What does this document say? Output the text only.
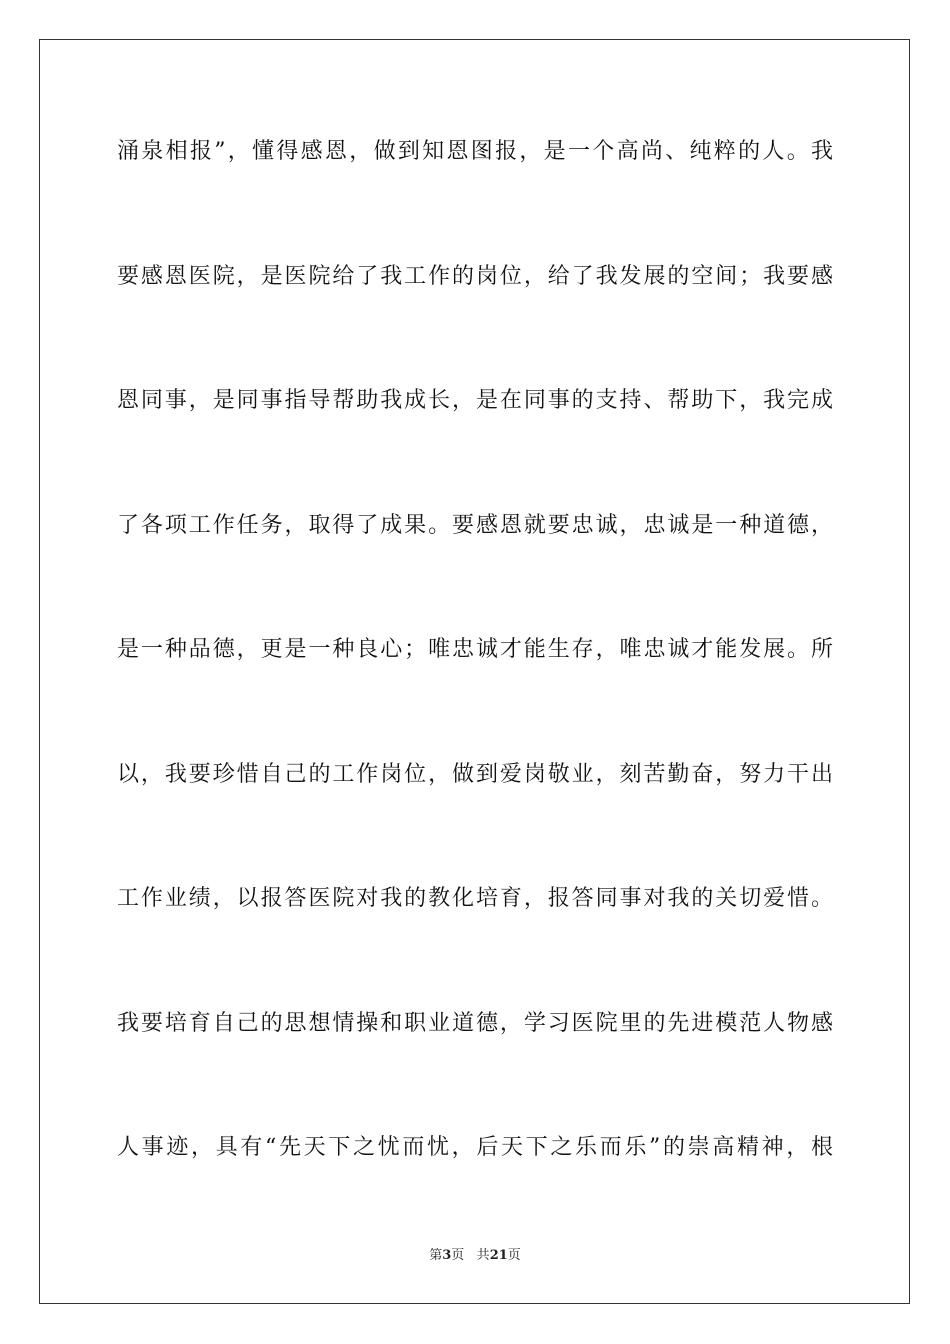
涌泉相报”，懂得感恩，做到知恩图报，是一个高尚、纯粹的人。我
要感恩医院，是医院给了我工作的岗位，给了我发展的空间；我要感
恩同事，是同事指导帮助我成长，是在同事的支持、帮助下，我完成
了各项工作任务，取得了成果。要感恩就要忠诚，忠诚是一种道德，
是一种品德，更是一种良心；唯忠诚才能生存，唯忠诚才能发展。所
以，我要珍惜自己的工作岗位，做到爱岗敬业，刻苦勤奋，努力干出
工作业绩，以报答医院对我的教化培育，报答同事对我的关切爱惜。
我要培育自己的思想情操和职业道德，学习医院里的先进模范人物感
人事迹，具有“先天下之忧而忧，后天下之乐而乐”的崇高精神，根
第3页 共21页
